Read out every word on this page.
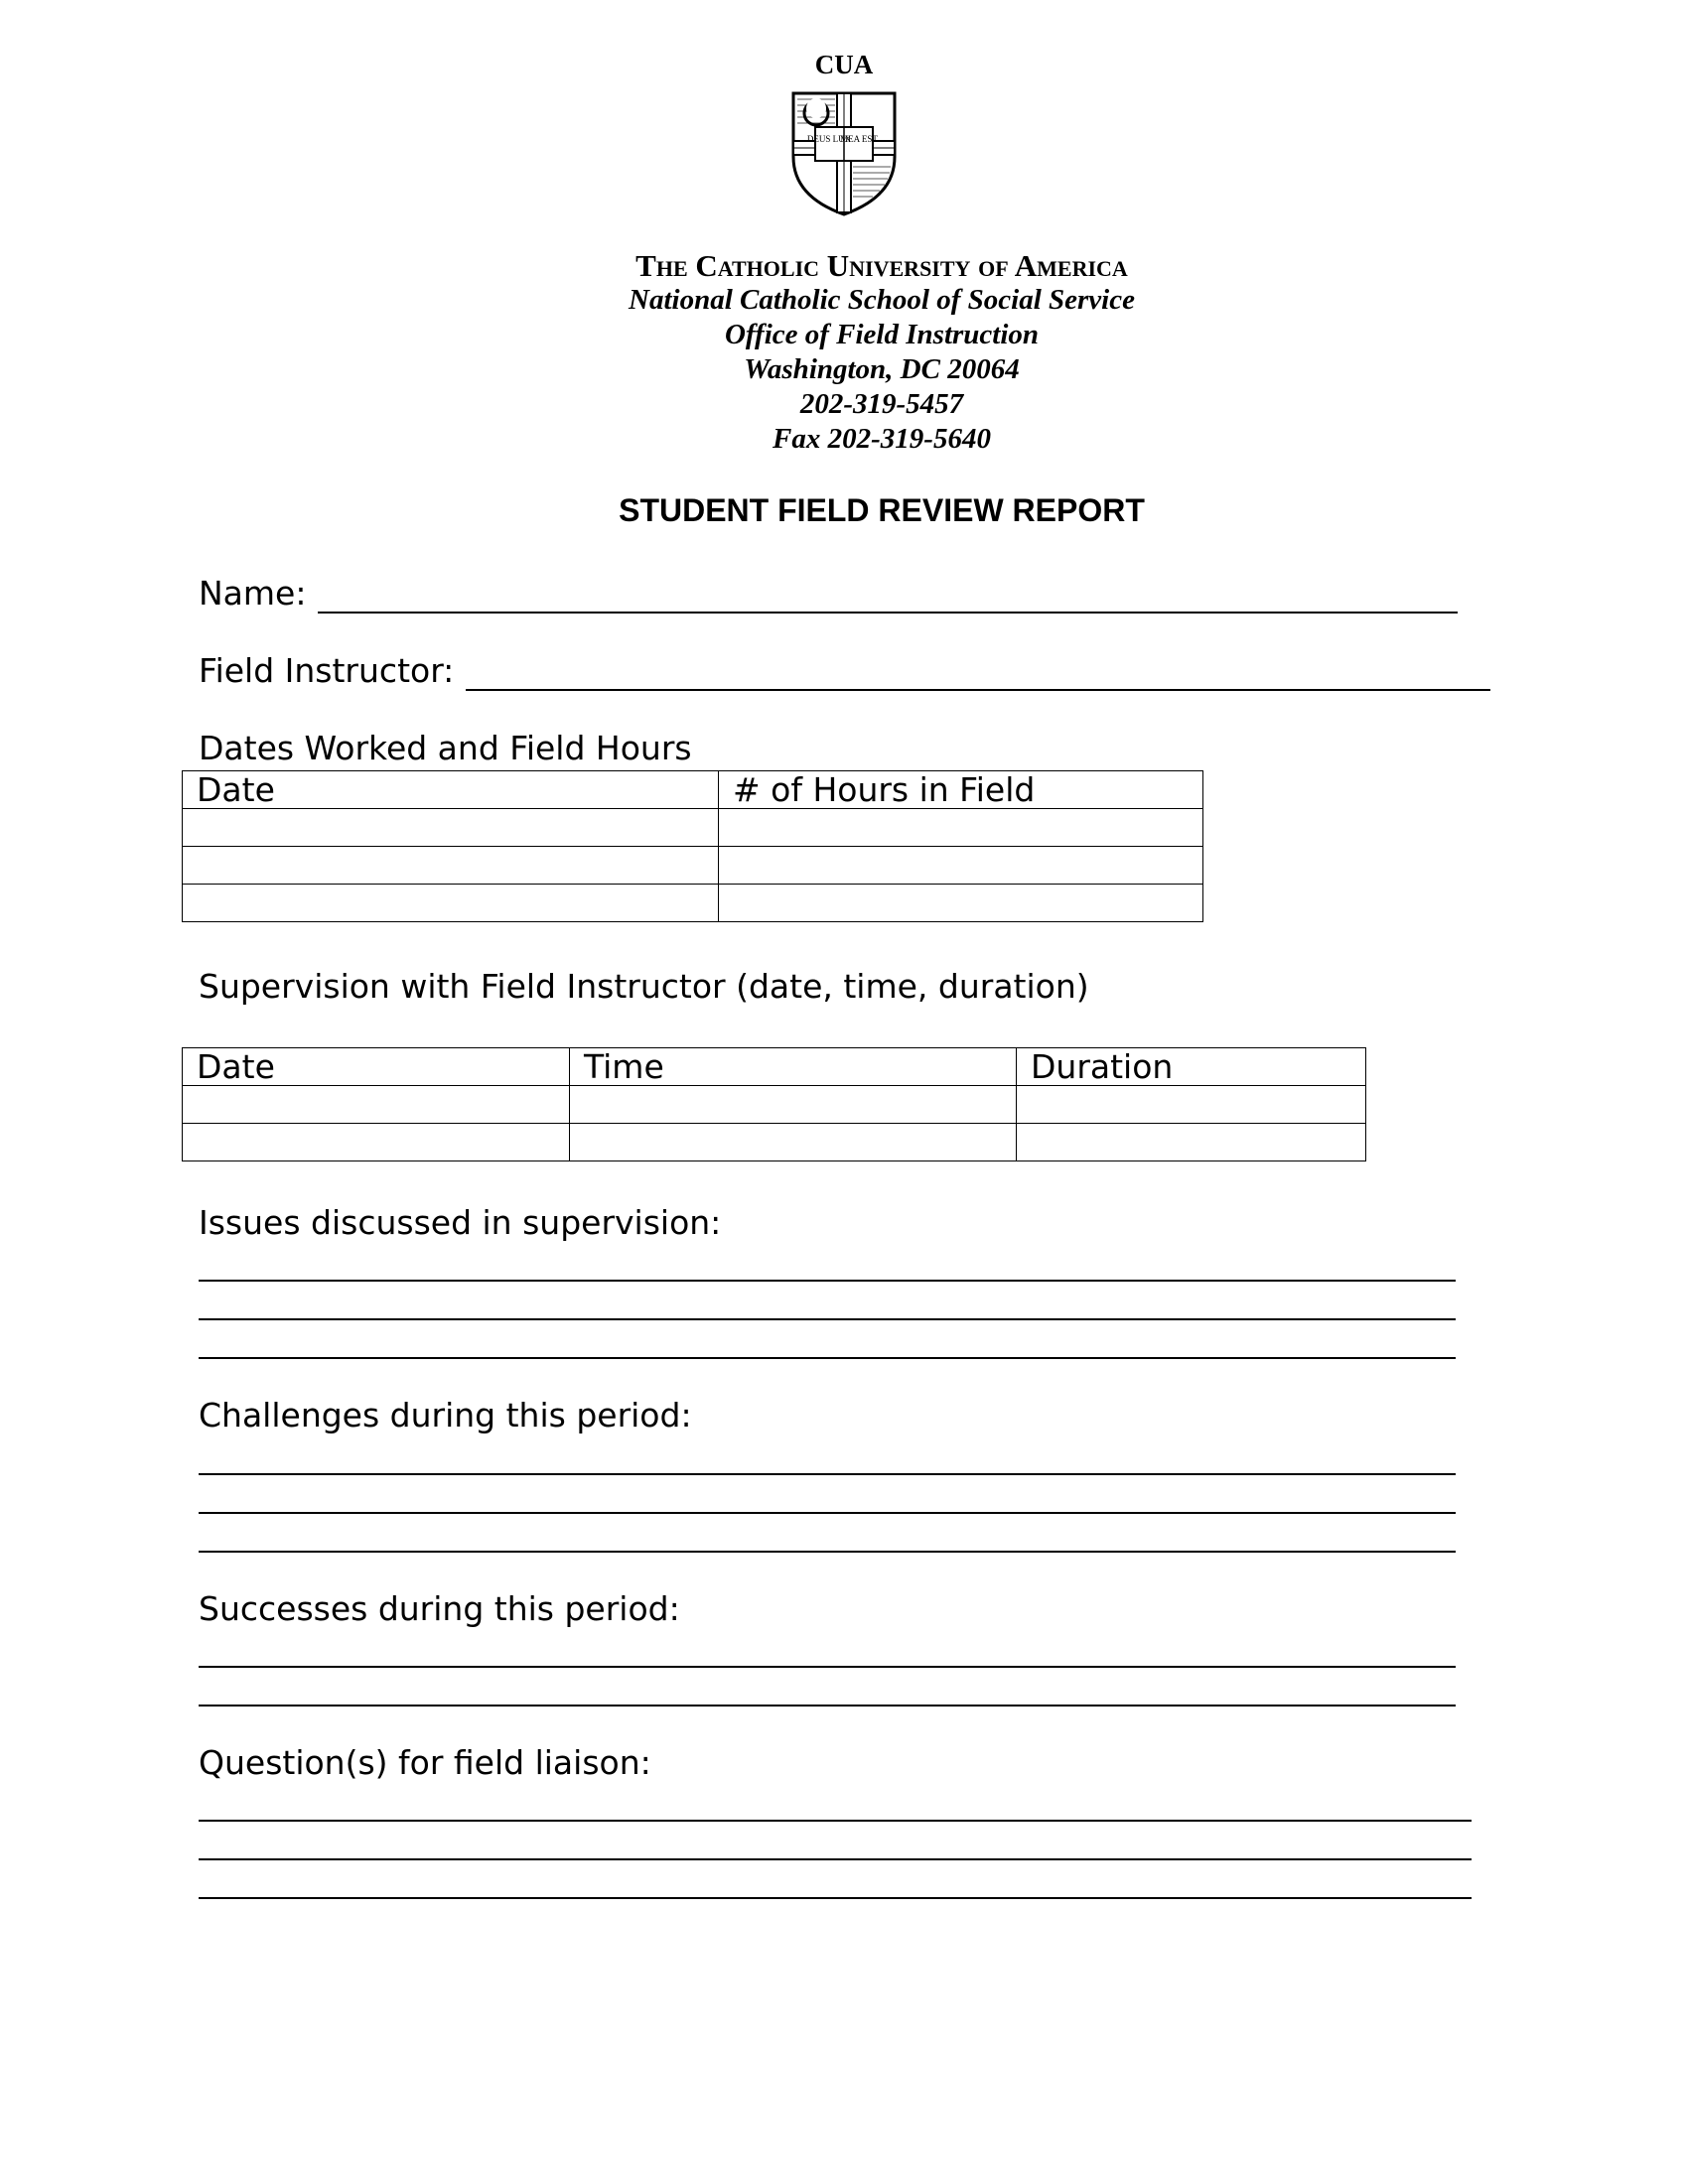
CUA
DEUS LUX
MEA EST
The Catholic University of America
National Catholic School of Social Service
Office of Field Instruction
Washington, DC 20064
202-319-5457
Fax 202-319-5640
STUDENT FIELD REVIEW REPORT
Name:
Field Instructor:
Dates Worked and Field Hours
Date	# of Hours in Field

Supervision with Field Instructor (date, time, duration)
Date	Time	Duration

Issues discussed in supervision:
Challenges during this period:
Successes during this period:
Question(s) for field liaison:
